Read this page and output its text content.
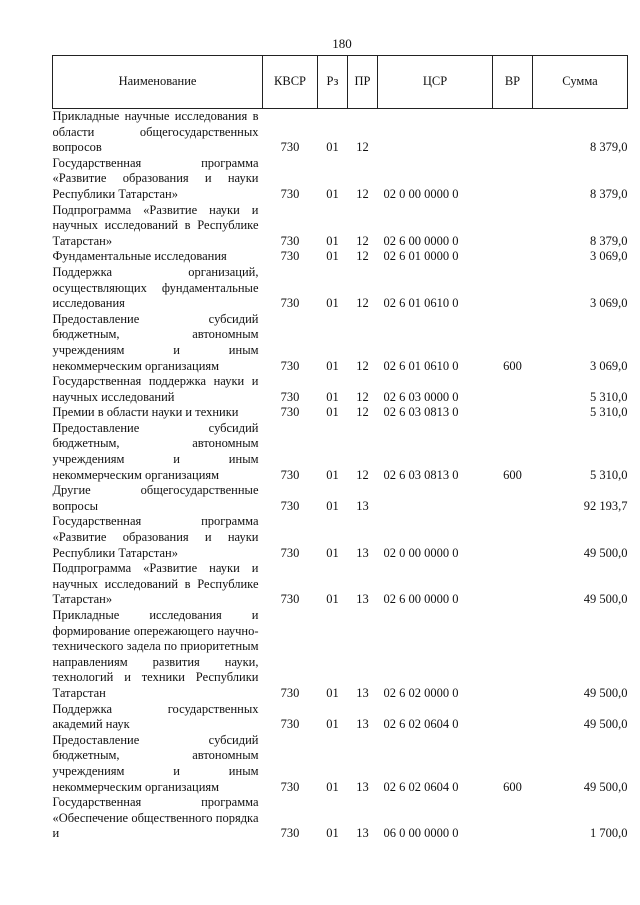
180
Наименование	КВСР	Рз	ПР	ЦСР	ВР	Сумма
Прикладные научные исследования в области общегосударственных вопросов	730	01	12			8 379,0
Государственная программа «Развитие образования и науки Республики Татарстан»	730	01	12	02 0 00 0000 0		8 379,0
Подпрограмма «Развитие науки и научных исследований в Республике Татарстан»	730	01	12	02 6 00 0000 0		8 379,0
Фундаментальные исследования	730	01	12	02 6 01 0000 0		3 069,0
Поддержка организаций, осуществляющих фундаментальные исследования	730	01	12	02 6 01 0610 0		3 069,0
Предоставление субсидий бюджетным, автономным учреждениям и иным некоммерческим организациям	730	01	12	02 6 01 0610 0	600	3 069,0
Государственная поддержка науки и научных исследований	730	01	12	02 6 03 0000 0		5 310,0
Премии в области науки и техники	730	01	12	02 6 03 0813 0		5 310,0
Предоставление субсидий бюджетным, автономным учреждениям и иным некоммерческим организациям	730	01	12	02 6 03 0813 0	600	5 310,0
Другие общегосударственные вопросы	730	01	13			92 193,7
Государственная программа «Развитие образования и науки Республики Татарстан»	730	01	13	02 0 00 0000 0		49 500,0
Подпрограмма «Развитие науки и научных исследований в Республике Татарстан»	730	01	13	02 6 00 0000 0		49 500,0
Прикладные исследования и формирование опережающего научно-технического задела по приоритетным направлениям развития науки, технологий и техники Республики Татарстан	730	01	13	02 6 02 0000 0		49 500,0
Поддержка государственных академий наук	730	01	13	02 6 02 0604 0		49 500,0
Предоставление субсидий бюджетным, автономным учреждениям и иным некоммерческим организациям	730	01	13	02 6 02 0604 0	600	49 500,0
Государственная программа «Обеспечение общественного порядка и	730	01	13	06 0 00 0000 0		1 700,0
